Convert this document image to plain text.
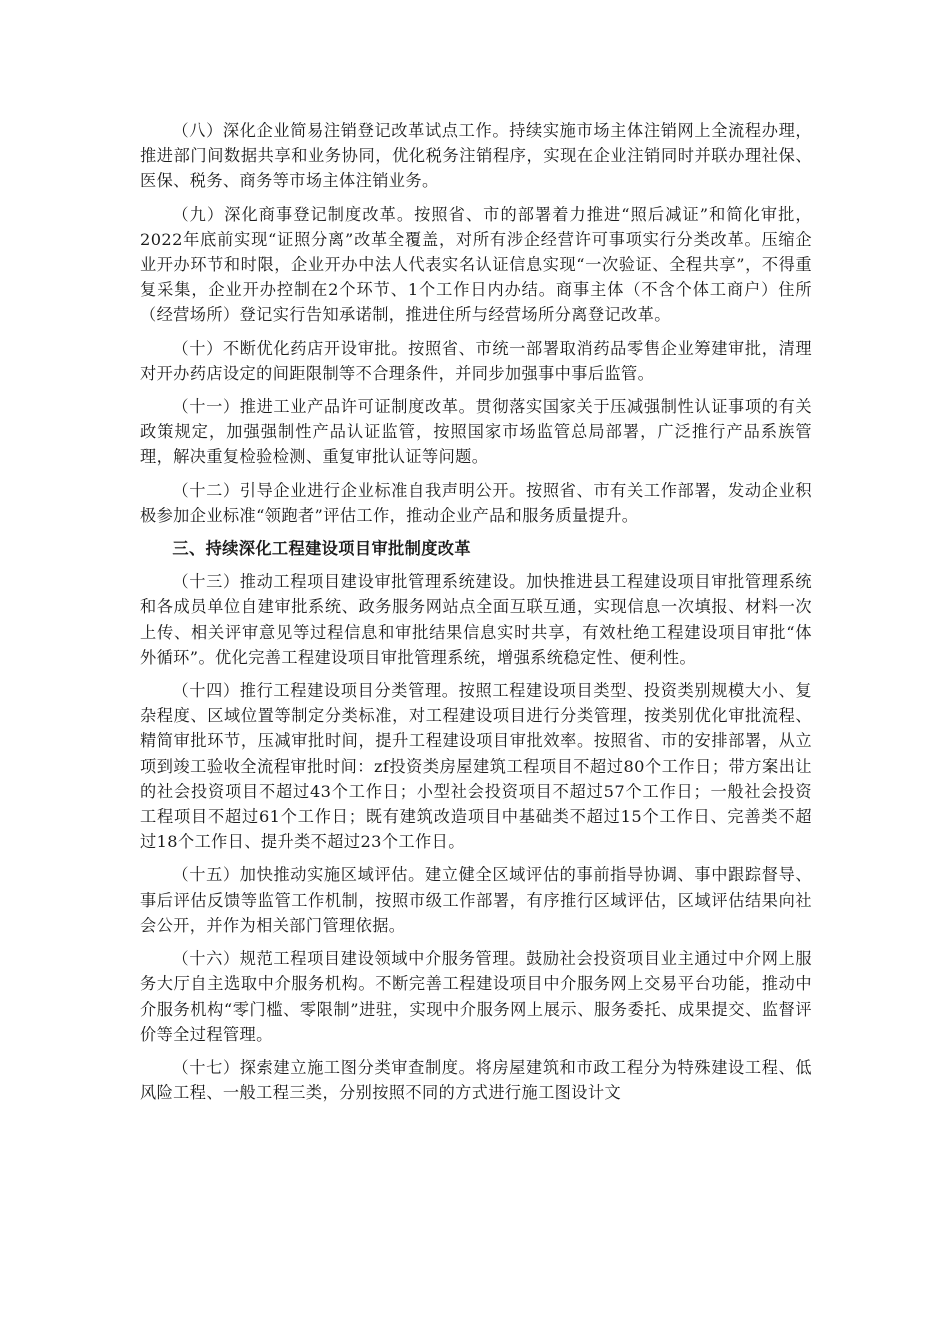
（八）深化企业简易注销登记改革试点工作。持续实施市场主体注销网上全流程办理，推进部门间数据共享和业务协同，优化税务注销程序，实现在企业注销同时并联办理社保、医保、税务、商务等市场主体注销业务。

（九）深化商事登记制度改革。按照省、市的部署着力推进“照后减证”和简化审批，2022年底前实现“证照分离”改革全覆盖，对所有涉企经营许可事项实行分类改革。压缩企业开办环节和时限，企业开办中法人代表实名认证信息实现“一次验证、全程共享”，不得重复采集，企业开办控制在2个环节、1个工作日内办结。商事主体（不含个体工商户）住所（经营场所）登记实行告知承诺制，推进住所与经营场所分离登记改革。

（十）不断优化药店开设审批。按照省、市统一部署取消药品零售企业筹建审批，清理对开办药店设定的间距限制等不合理条件，并同步加强事中事后监管。

（十一）推进工业产品许可证制度改革。贯彻落实国家关于压减强制性认证事项的有关政策规定，加强强制性产品认证监管，按照国家市场监管总局部署，广泛推行产品系族管理，解决重复检验检测、重复审批认证等问题。

（十二）引导企业进行企业标准自我声明公开。按照省、市有关工作部署，发动企业积极参加企业标准“领跑者”评估工作，推动企业产品和服务质量提升。

三、持续深化工程建设项目审批制度改革

（十三）推动工程项目建设审批管理系统建设。加快推进县工程建设项目审批管理系统和各成员单位自建审批系统、政务服务网站点全面互联互通，实现信息一次填报、材料一次上传、相关评审意见等过程信息和审批结果信息实时共享，有效杜绝工程建设项目审批“体外循环”。优化完善工程建设项目审批管理系统，增强系统稳定性、便利性。

（十四）推行工程建设项目分类管理。按照工程建设项目类型、投资类别规模大小、复杂程度、区域位置等制定分类标准，对工程建设项目进行分类管理，按类别优化审批流程、精简审批环节，压减审批时间，提升工程建设项目审批效率。按照省、市的安排部署，从立项到竣工验收全流程审批时间：zf投资类房屋建筑工程项目不超过80个工作日；带方案出让的社会投资项目不超过43个工作日；小型社会投资项目不超过57个工作日；一般社会投资工程项目不超过61个工作日；既有建筑改造项目中基础类不超过15个工作日、完善类不超过18个工作日、提升类不超过23个工作日。

（十五）加快推动实施区域评估。建立健全区域评估的事前指导协调、事中跟踪督导、事后评估反馈等监管工作机制，按照市级工作部署，有序推行区域评估，区域评估结果向社会公开，并作为相关部门管理依据。

（十六）规范工程项目建设领域中介服务管理。鼓励社会投资项目业主通过中介网上服务大厅自主选取中介服务机构。不断完善工程建设项目中介服务网上交易平台功能，推动中介服务机构“零门槛、零限制”进驻，实现中介服务网上展示、服务委托、成果提交、监督评价等全过程管理。

（十七）探索建立施工图分类审查制度。将房屋建筑和市政工程分为特殊建设工程、低风险工程、一般工程三类，分别按照不同的方式进行施工图设计文
